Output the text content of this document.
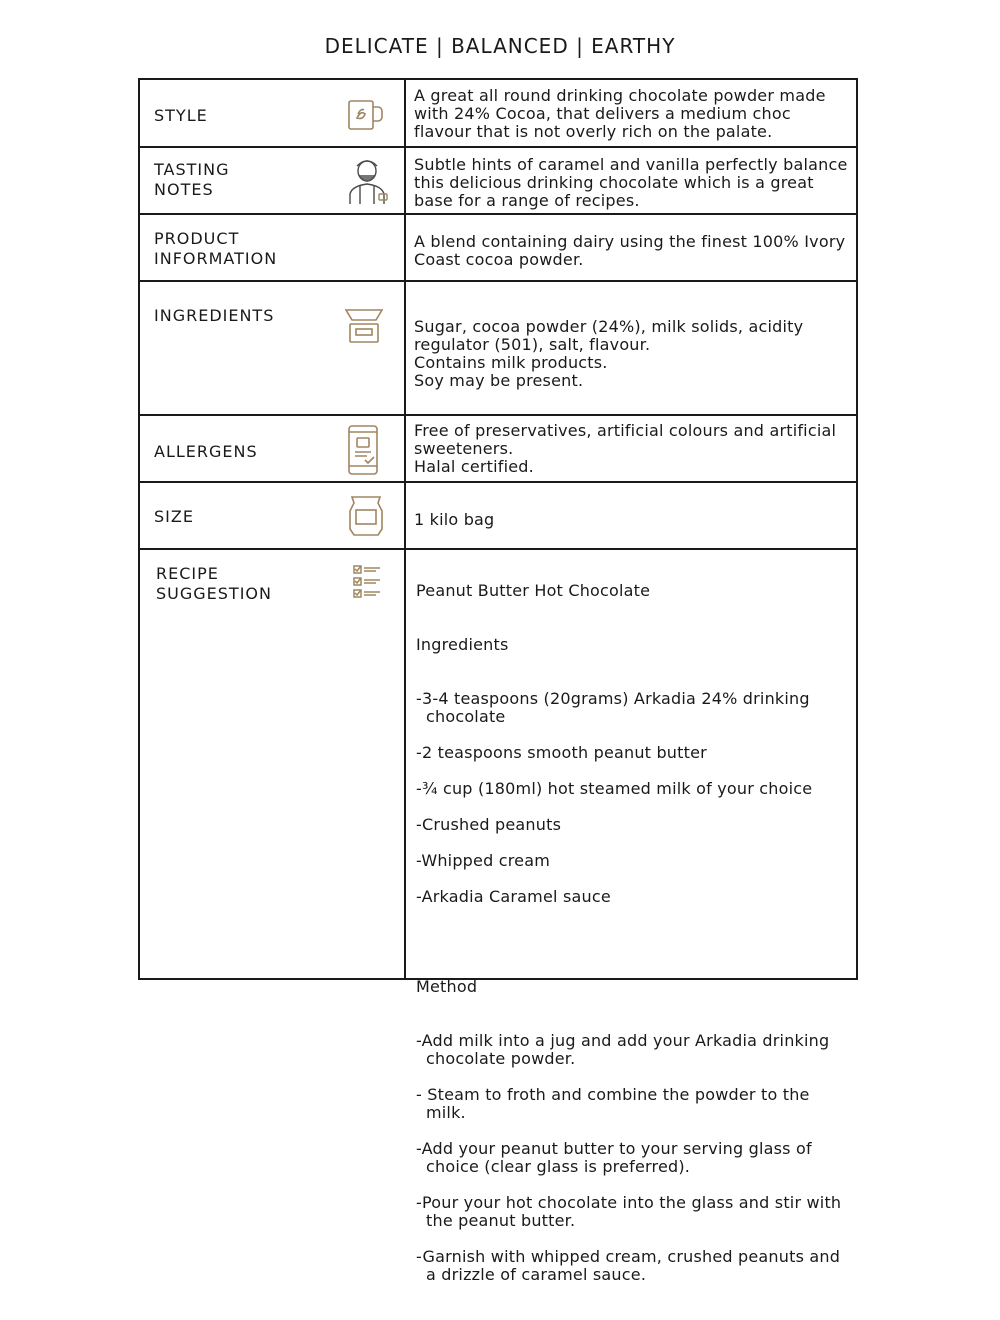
DELICATE | BALANCED | EARTHY
STYLE
A great all round drinking chocolate powder made with 24% Cocoa, that delivers a medium choc flavour that is not overly rich on the palate.
TASTING
NOTES
Subtle hints of caramel and vanilla perfectly balance this delicious drinking chocolate which is a great base for a range of recipes.
PRODUCT
INFORMATION
A blend containing dairy using the finest 100% Ivory Coast cocoa powder.
INGREDIENTS
Sugar, cocoa powder (24%), milk solids, acidity regulator (501), salt, flavour.
Contains milk products.
Soy may be present.
ALLERGENS
Free of preservatives, artificial colours and artificial sweeteners.
Halal certified.
SIZE	1 kilo bag
RECIPE
SUGGESTION	Peanut Butter Hot Chocolate

Ingredients

-3-4 teaspoons (20grams) Arkadia 24% drinking chocolate

-2 teaspoons smooth peanut butter

-¾ cup (180ml) hot steamed milk of your choice

-Crushed peanuts

-Whipped cream

-Arkadia Caramel sauce

Method

-Add milk into a jug and add your Arkadia drinking chocolate powder.

- Steam to froth and combine the powder to the milk.

-Add your peanut butter to your serving glass of choice (clear glass is preferred).

-Pour your hot chocolate into the glass and stir with the peanut butter.

-Garnish with whipped cream, crushed peanuts and a drizzle of caramel sauce.
